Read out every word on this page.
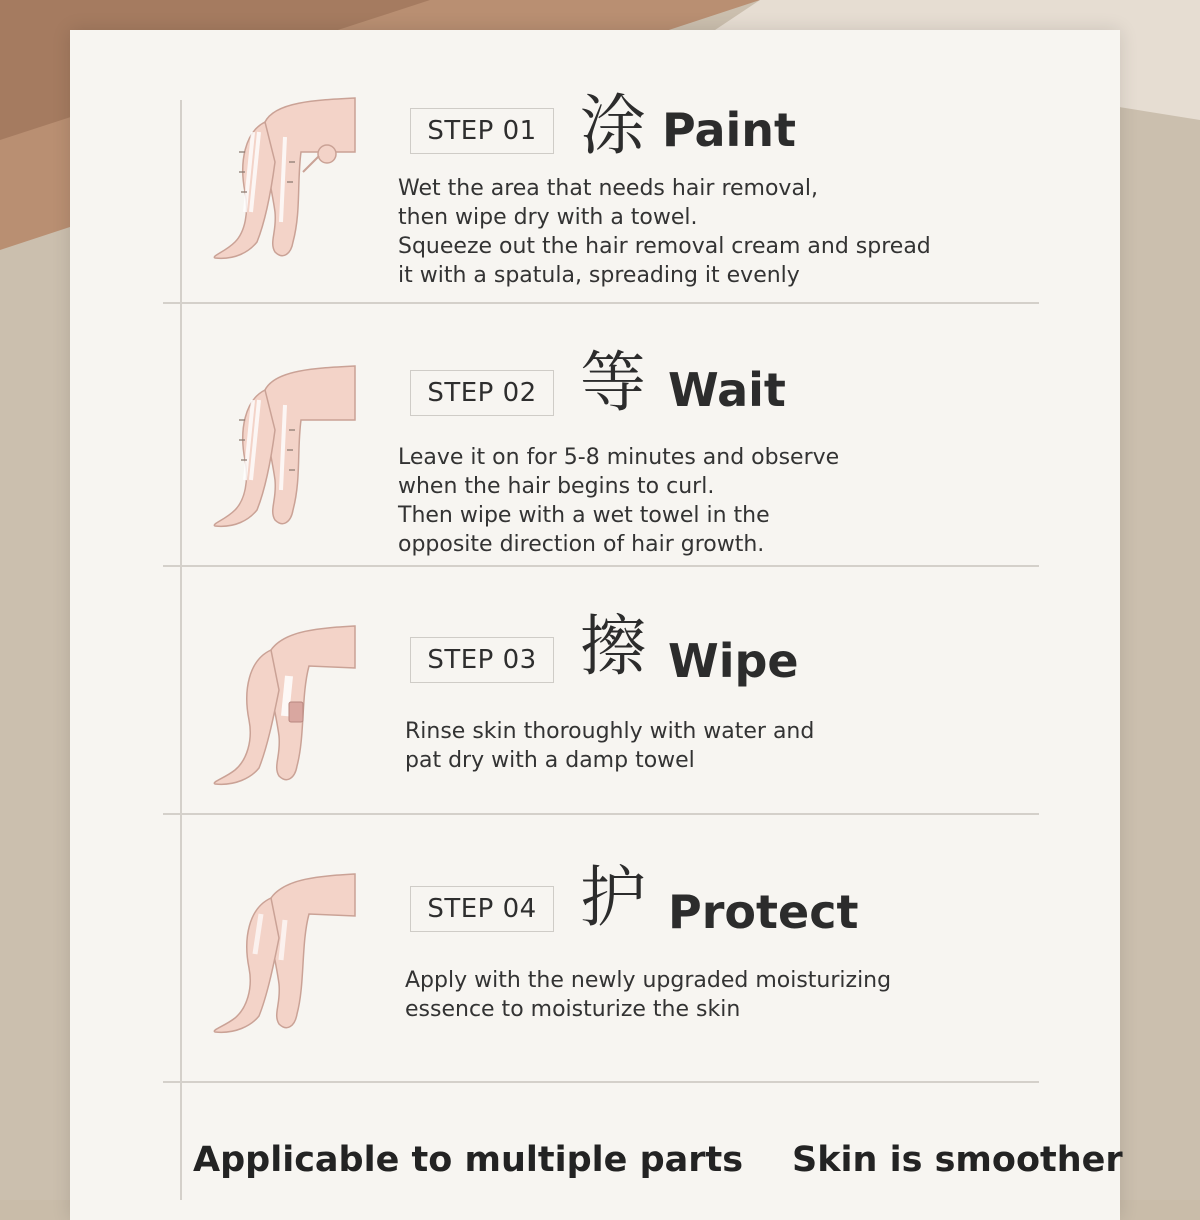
STEP 01 涂 Paint
Wet the area that needs hair removal,
then wipe dry with a towel.
Squeeze out the hair removal cream and spread
it with a spatula, spreading it evenly
STEP 02 等 Wait
Leave it on for 5-8 minutes and observe
when the hair begins to curl.
Then wipe with a wet towel in the
opposite direction of hair growth.
STEP 03 擦 Wipe
Rinse skin thoroughly with water and
pat dry with a damp towel
STEP 04 护 Protect
Apply with the newly upgraded moisturizing
essence to moisturize the skin
Applicable to multiple parts Skin is smoother
